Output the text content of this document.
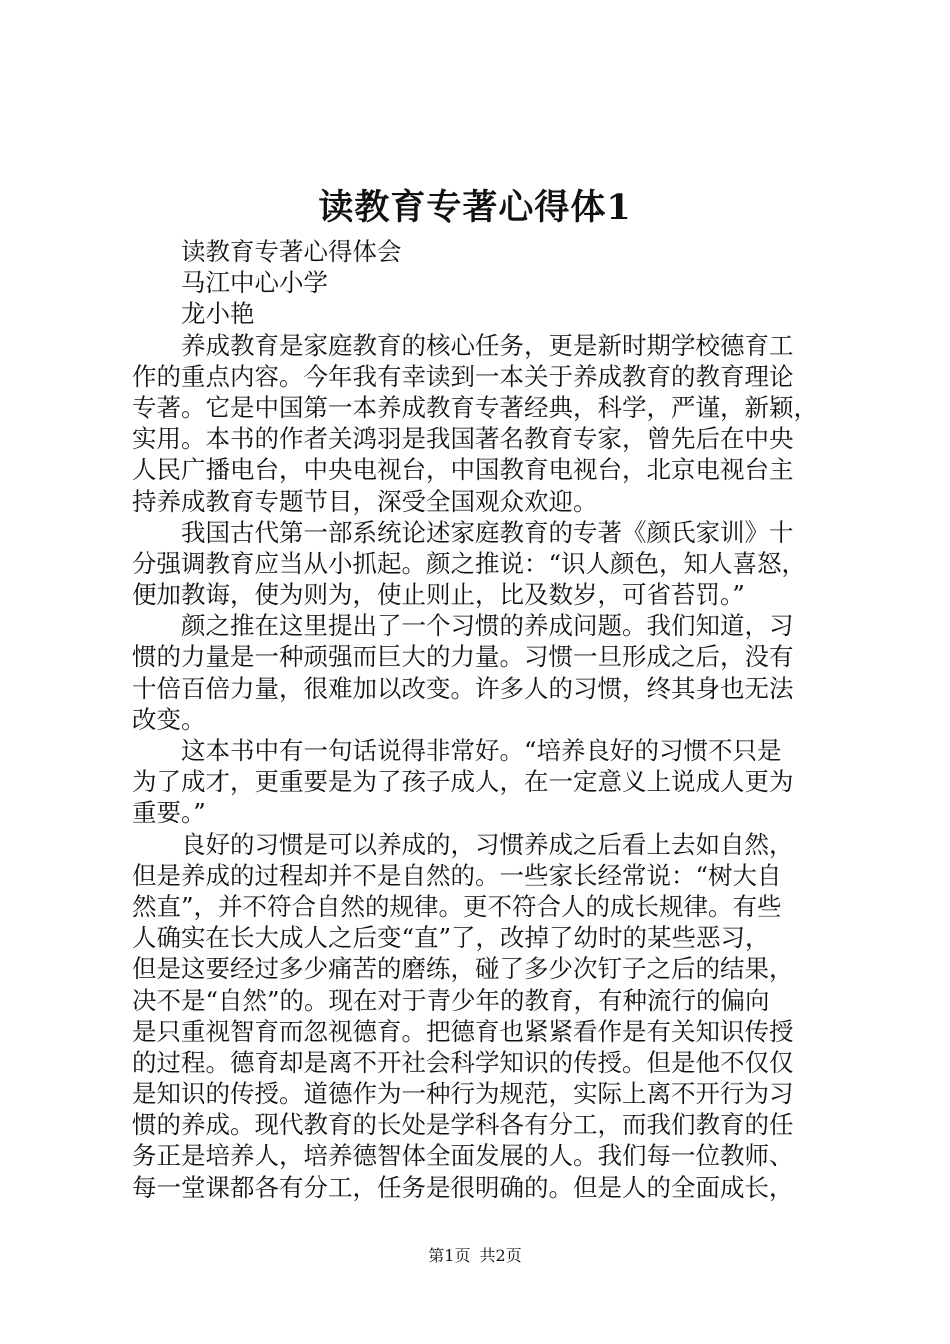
读教育专著心得体1

读教育专著心得体会

马江中心小学

龙小艳

养成教育是家庭教育的核心任务，更是新时期学校德育工

作的重点内容。今年我有幸读到一本关于养成教育的教育理论

专著。它是中国第一本养成教育专著经典，科学，严谨，新颖，

实用。本书的作者关鸿羽是我国著名教育专家，曾先后在中央

人民广播电台，中央电视台，中国教育电视台，北京电视台主

持养成教育专题节目，深受全国观众欢迎。

我国古代第一部系统论述家庭教育的专著《颜氏家训》十

分强调教育应当从小抓起。颜之推说：“识人颜色，知人喜怒，

便加教诲，使为则为，使止则止，比及数岁，可省苔罚。”

颜之推在这里提出了一个习惯的养成问题。我们知道，习

惯的力量是一种顽强而巨大的力量。习惯一旦形成之后，没有

十倍百倍力量，很难加以改变。许多人的习惯，终其身也无法

改变。

这本书中有一句话说得非常好。“培养良好的习惯不只是

为了成才，更重要是为了孩子成人，在一定意义上说成人更为

重要。”

良好的习惯是可以养成的，习惯养成之后看上去如自然，

但是养成的过程却并不是自然的。一些家长经常说：“树大自

然直”，并不符合自然的规律。更不符合人的成长规律。有些

人确实在长大成人之后变“直”了，改掉了幼时的某些恶习，

但是这要经过多少痛苦的磨练，碰了多少次钉子之后的结果，

决不是“自然”的。现在对于青少年的教育，有种流行的偏向

是只重视智育而忽视德育。把德育也紧紧看作是有关知识传授

的过程。德育却是离不开社会科学知识的传授。但是他不仅仅

是知识的传授。道德作为一种行为规范，实际上离不开行为习

惯的养成。现代教育的长处是学科各有分工，而我们教育的任

务正是培养人，培养德智体全面发展的人。我们每一位教师、

每一堂课都各有分工，任务是很明确的。但是人的全面成长，

第1页 共2页
